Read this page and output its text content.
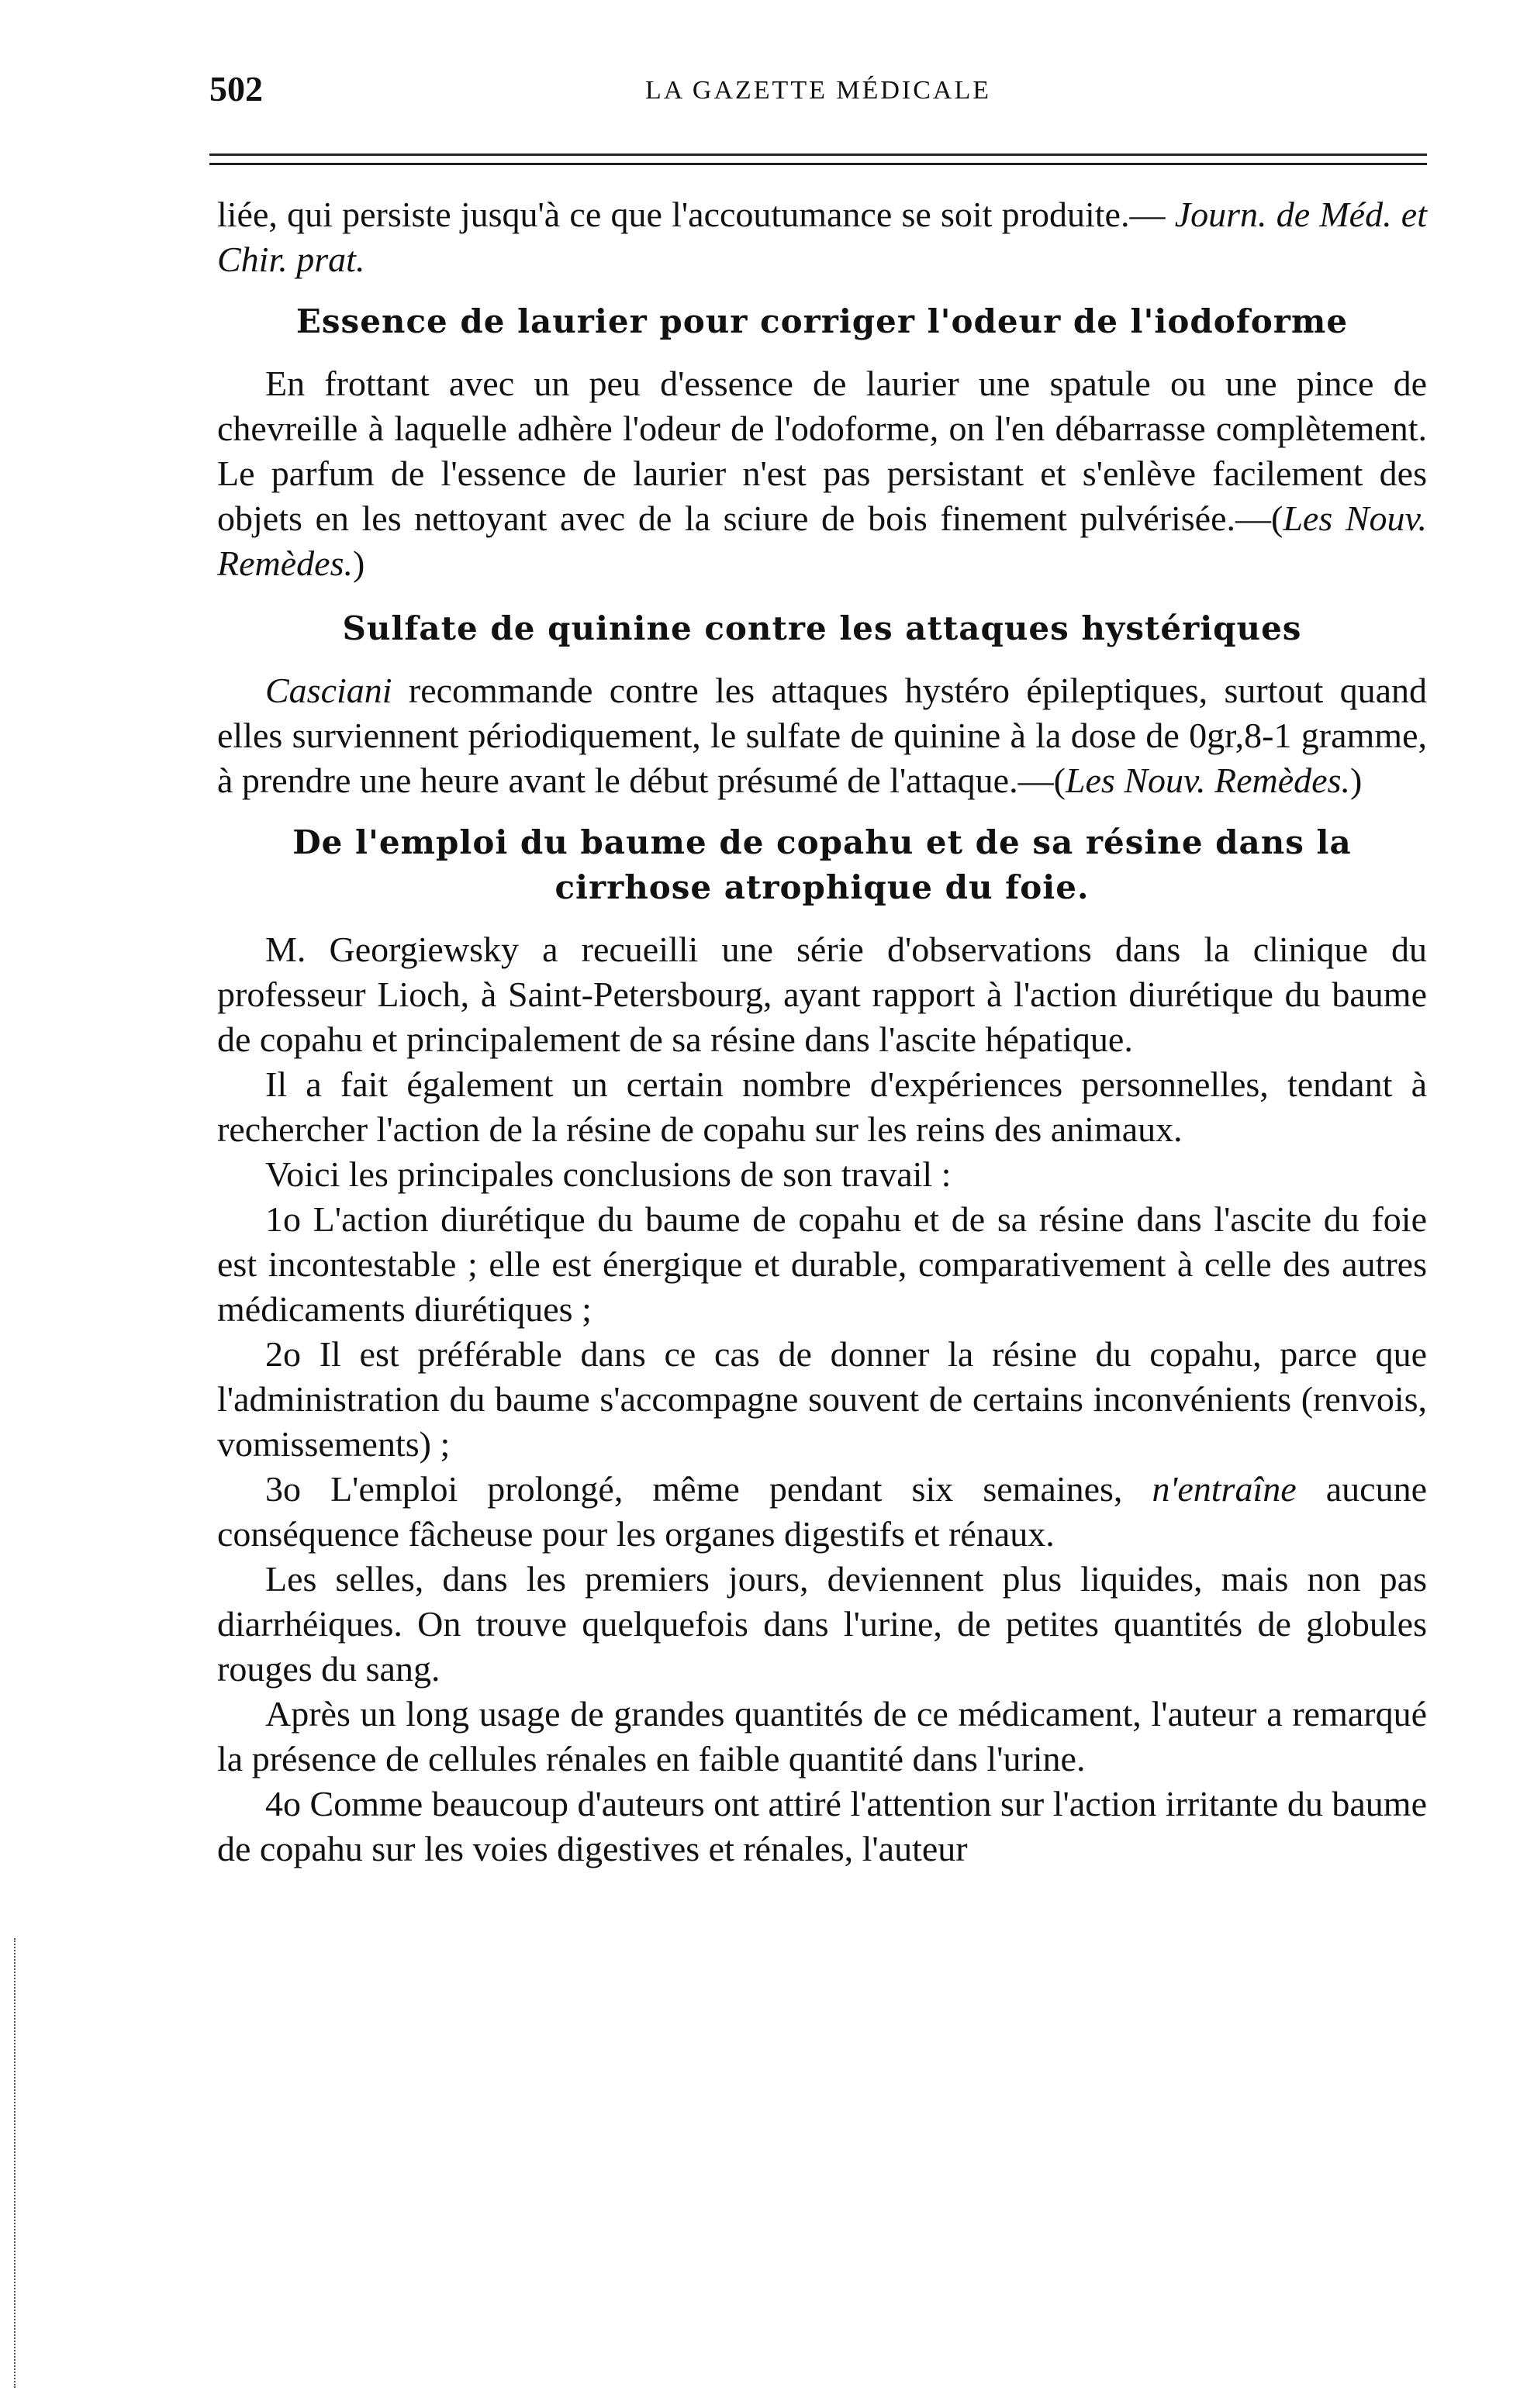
502	LA GAZETTE MÉDICALE

liée, qui persiste jusqu'à ce que l'accoutumance se soit produite.— Journ. de Méd. et Chir. prat.

Essence de laurier pour corriger l'odeur de l'iodoforme

En frottant avec un peu d'essence de laurier une spatule ou une pince de chevreille à laquelle adhère l'odeur de l'odoforme, on l'en débarrasse complètement. Le parfum de l'essence de laurier n'est pas persistant et s'enlève facilement des objets en les nettoyant avec de la sciure de bois finement pulvérisée.—(Les Nouv. Remèdes.)

Sulfate de quinine contre les attaques hystériques

Casciani recommande contre les attaques hystéro épileptiques, surtout quand elles surviennent périodiquement, le sulfate de quinine à la dose de 0gr,8-1 gramme, à prendre une heure avant le début présumé de l'attaque.—(Les Nouv. Remèdes.)

De l'emploi du baume de copahu et de sa résine dans la cirrhose atrophique du foie.

M. Georgiewsky a recueilli une série d'observations dans la clinique du professeur Lioch, à Saint-Petersbourg, ayant rapport à l'action diurétique du baume de copahu et principalement de sa résine dans l'ascite hépatique.

Il a fait également un certain nombre d'expériences personnelles, tendant à rechercher l'action de la résine de copahu sur les reins des animaux.

Voici les principales conclusions de son travail :

1o L'action diurétique du baume de copahu et de sa résine dans l'ascite du foie est incontestable ; elle est énergique et durable, comparativement à celle des autres médicaments diurétiques ;

2o Il est préférable dans ce cas de donner la résine du copahu, parce que l'administration du baume s'accompagne souvent de certains inconvénients (renvois, vomissements) ;

3o L'emploi prolongé, même pendant six semaines, n'entraîne aucune conséquence fâcheuse pour les organes digestifs et rénaux.

Les selles, dans les premiers jours, deviennent plus liquides, mais non pas diarrhéiques. On trouve quelquefois dans l'urine, de petites quantités de globules rouges du sang.

Après un long usage de grandes quantités de ce médicament, l'auteur a remarqué la présence de cellules rénales en faible quantité dans l'urine.

4o Comme beaucoup d'auteurs ont attiré l'attention sur l'action irritante du baume de copahu sur les voies digestives et rénales, l'auteur
